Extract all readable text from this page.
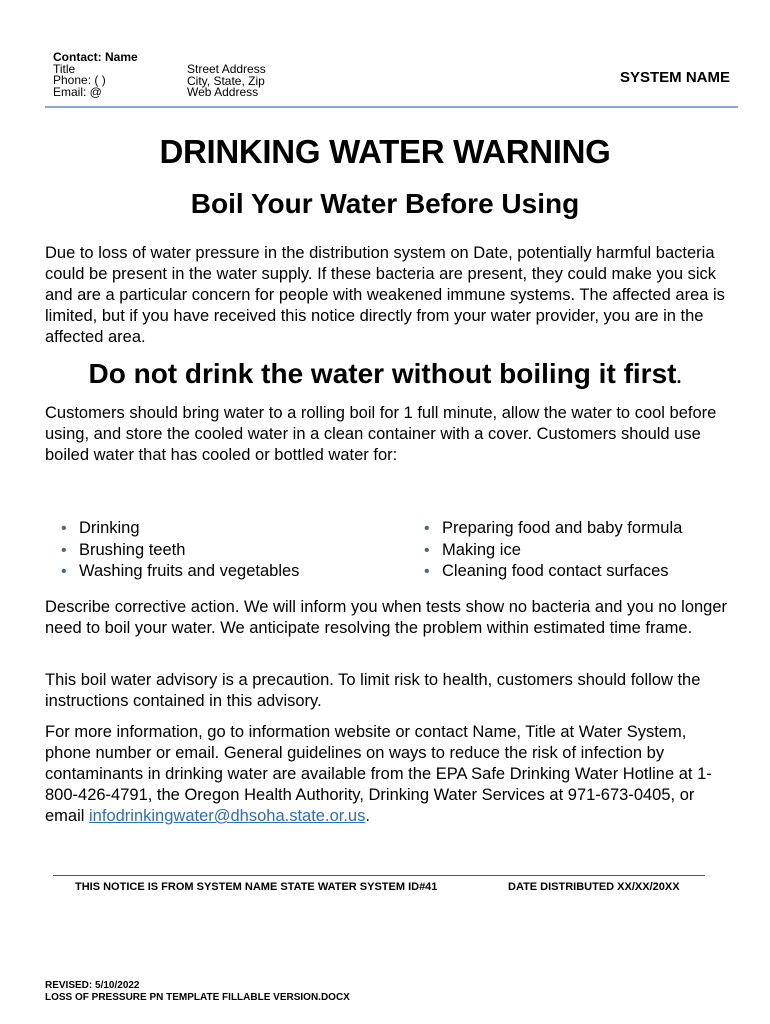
Contact: Name
Title
Phone: ( )
Email: @
Street Address
City, State, Zip
Web Address
SYSTEM NAME
DRINKING WATER WARNING
Boil Your Water Before Using
Due to loss of water pressure in the distribution system on Date, potentially harmful bacteria could be present in the water supply. If these bacteria are present, they could make you sick and are a particular concern for people with weakened immune systems. The affected area is limited, but if you have received this notice directly from your water provider, you are in the affected area.
Do not drink the water without boiling it first.
Customers should bring water to a rolling boil for 1 full minute, allow the water to cool before using, and store the cooled water in a clean container with a cover. Customers should use boiled water that has cooled or bottled water for:
• Drinking
• Brushing teeth
• Washing fruits and vegetables
• Preparing food and baby formula
• Making ice
• Cleaning food contact surfaces
Describe corrective action. We will inform you when tests show no bacteria and you no longer need to boil your water. We anticipate resolving the problem within estimated time frame.
This boil water advisory is a precaution. To limit risk to health, customers should follow the instructions contained in this advisory.
For more information, go to information website or contact Name, Title at Water System, phone number or email. General guidelines on ways to reduce the risk of infection by contaminants in drinking water are available from the EPA Safe Drinking Water Hotline at 1-800-426-4791, the Oregon Health Authority, Drinking Water Services at 971-673-0405, or email infodrinkingwater@dhsoha.state.or.us.
THIS NOTICE IS FROM SYSTEM NAME STATE WATER SYSTEM ID#41	DATE DISTRIBUTED XX/XX/20XX
REVISED: 5/10/2022
LOSS OF PRESSURE PN TEMPLATE FILLABLE VERSION.DOCX
